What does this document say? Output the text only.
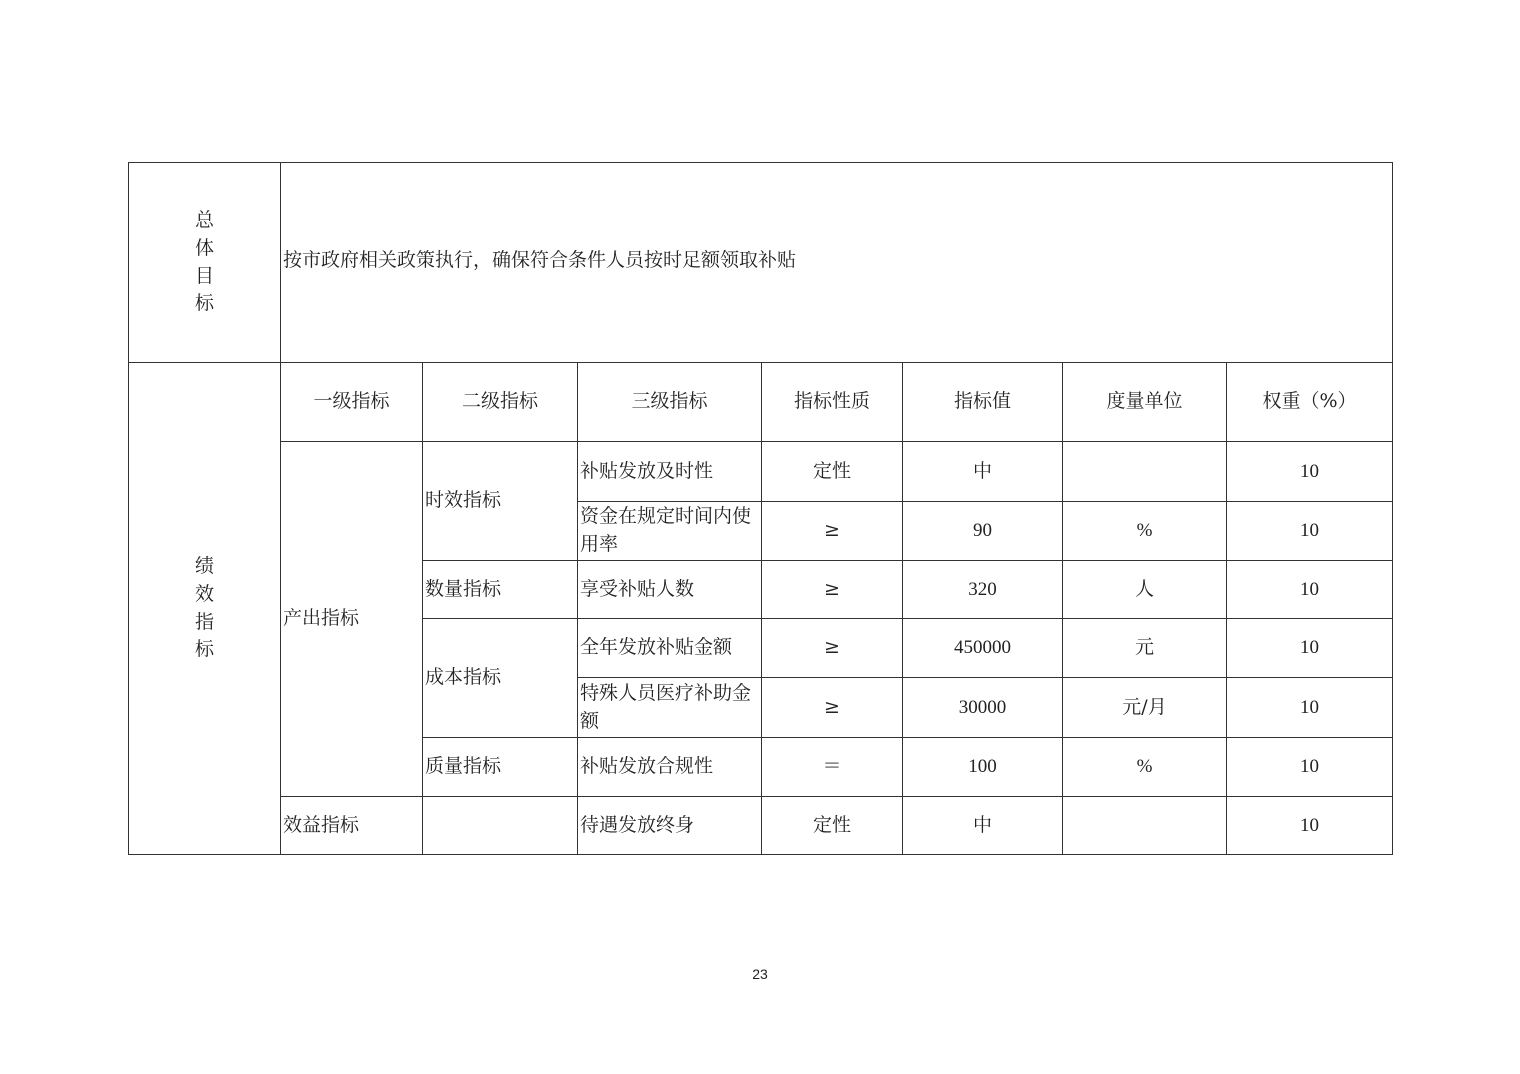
总
体
目
标	按市政府相关政策执行，确保符合条件人员按时足额领取补贴						

绩
效
指
标	一级指标	二级指标	三级指标	指标性质	指标值	度量单位	权重（%）
	产出指标	时效指标	补贴发放及时性	定性	中		10
			资金在规定时间内使用率	≥	90	%	10
		数量指标	享受补贴人数	≥	320	人	10
		成本指标	全年发放补贴金额	≥	450000	元	10
			特殊人员医疗补助金额	≥	30000	元/月	10
		质量指标	补贴发放合规性	＝	100	%	10
	效益指标		待遇发放终身	定性	中		10
23
